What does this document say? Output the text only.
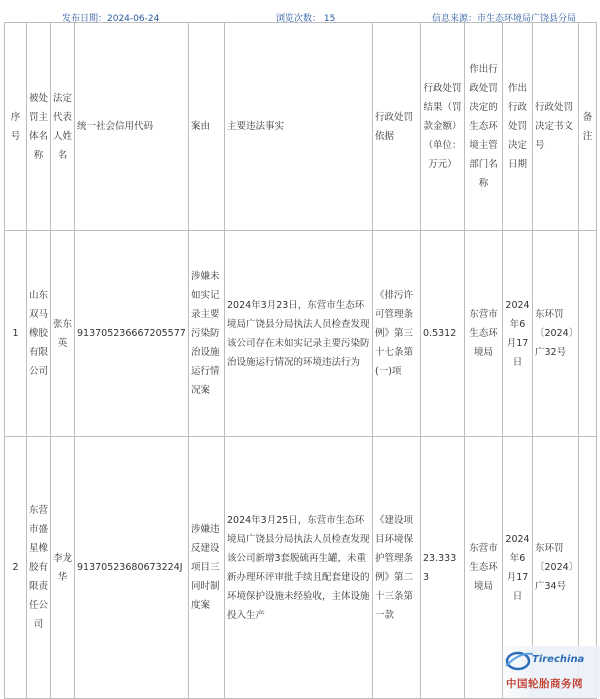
发布日期：2024-06-24	浏览次数： 15	信息来源：市生态环境局广饶县分局
序号	被处罚主体名称	法定代表人姓名	统一社会信用代码	案由	主要违法事实	行政处罚依据	行政处罚结果（罚款金额）（单位：万元）	作出行政处罚决定的生态环境主管部门名称	作出行政处罚决定日期	行政处罚决定书文号	备注
1	山东双马橡胶有限公司	张东英	913705236667205577	涉嫌未如实记录主要污染防治设施运行情况案	2024年3月23日，东营市生态环境局广饶县分局执法人员检查发现该公司存在未如实记录主要污染防治设施运行情况的环境违法行为	《排污许可管理条例》第三十七条第(一)项	0.5312	东营市生态环境局	2024年6月17日	东环罚〔2024〕广32号	
2	东营市盛星橡胶有限责任公司	李龙华	91370523680673224J	涉嫌违反建设项目三同时制度案	2024年3月25日，东营市生态环境局广饶县分局执法人员检查发现该公司新增3套脱硫再生罐，未重新办理环评审批手续且配套建设的环境保护设施未经验收，主体设施投入生产	《建设项目环境保护管理条例》第二十三条第一款	23.3333	东营市生态环境局	2024年6月17日	东环罚〔2024〕广34号	
Tirechina
中国轮胎商务网
